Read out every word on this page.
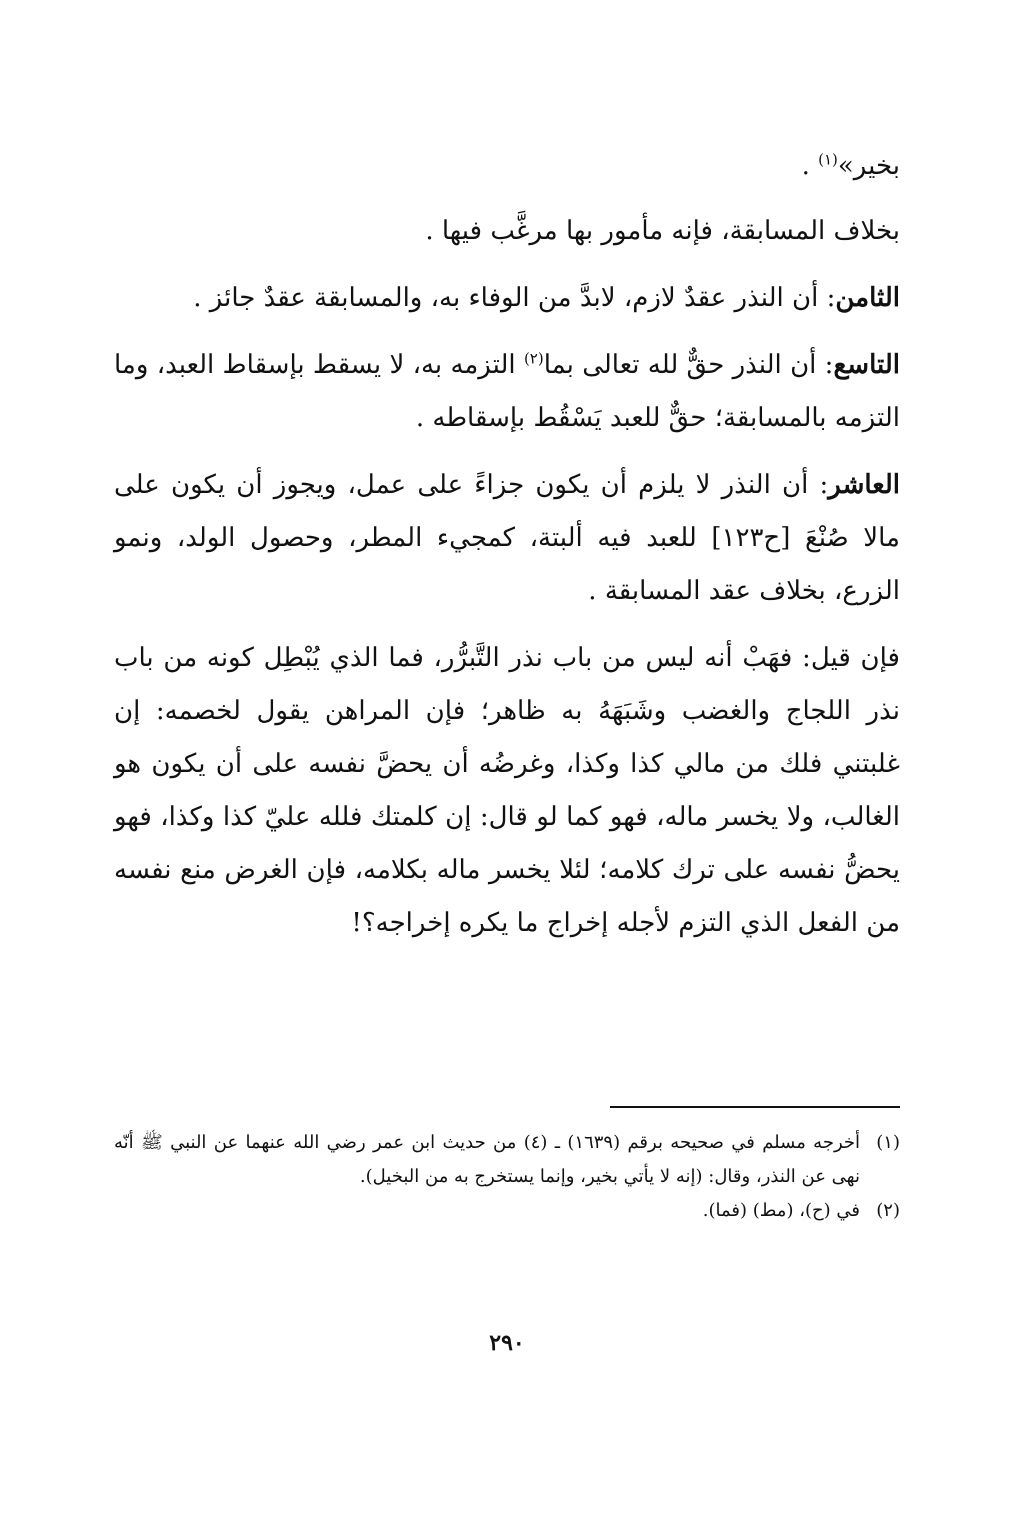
بخير»$^{(١)}$ .

بخلاف المسابقة، فإنه مأمور بها مرغَّب فيها .

الثامن: أن النذر عقدٌ لازم، لابدَّ من الوفاء به، والمسابقة عقدٌ جائز .

التاسع: أن النذر حقٌّ لله تعالى بما$^{(٢)}$ التزمه به، لا يسقط بإسقاط العبد، وما التزمه بالمسابقة؛ حقٌّ للعبد يَسْقُط بإسقاطه .

العاشر: أن النذر لا يلزم أن يكون جزاءً على عمل، ويجوز أن يكون على مالا صُنْعَ [ح١٢٣] للعبد فيه ألبتة، كمجيء المطر، وحصول الولد، ونمو الزرع، بخلاف عقد المسابقة .

فإن قيل: فهَبْ أنه ليس من باب نذر التَّبرُّر، فما الذي يُبْطِل كونه من باب نذر اللجاج والغضب وشَبَهَهُ به ظاهر؛ فإن المراهن يقول لخصمه: إن غلبتني فلك من مالي كذا وكذا، وغرضُه أن يحضَّ نفسه على أن يكون هو الغالب، ولا يخسر ماله، فهو كما لو قال: إن كلمتك فلله عليّ كذا وكذا، فهو يحضُّ نفسه على ترك كلامه؛ لئلا يخسر ماله بكلامه، فإن الغرض منع نفسه من الفعل الذي التزم لأجله إخراج ما يكره إخراجه؟!

(١)
أخرجه مسلم في صحيحه برقم (١٦٣٩) ـ (٤) من حديث ابن عمر رضي الله عنهما عن النبي ﷺ أنّه نهى عن النذر، وقال: (إنه لا يأتي بخير، وإنما يستخرج به من البخيل).
(٢)
في (ح)، (مط) (فما).
٢٩٠
